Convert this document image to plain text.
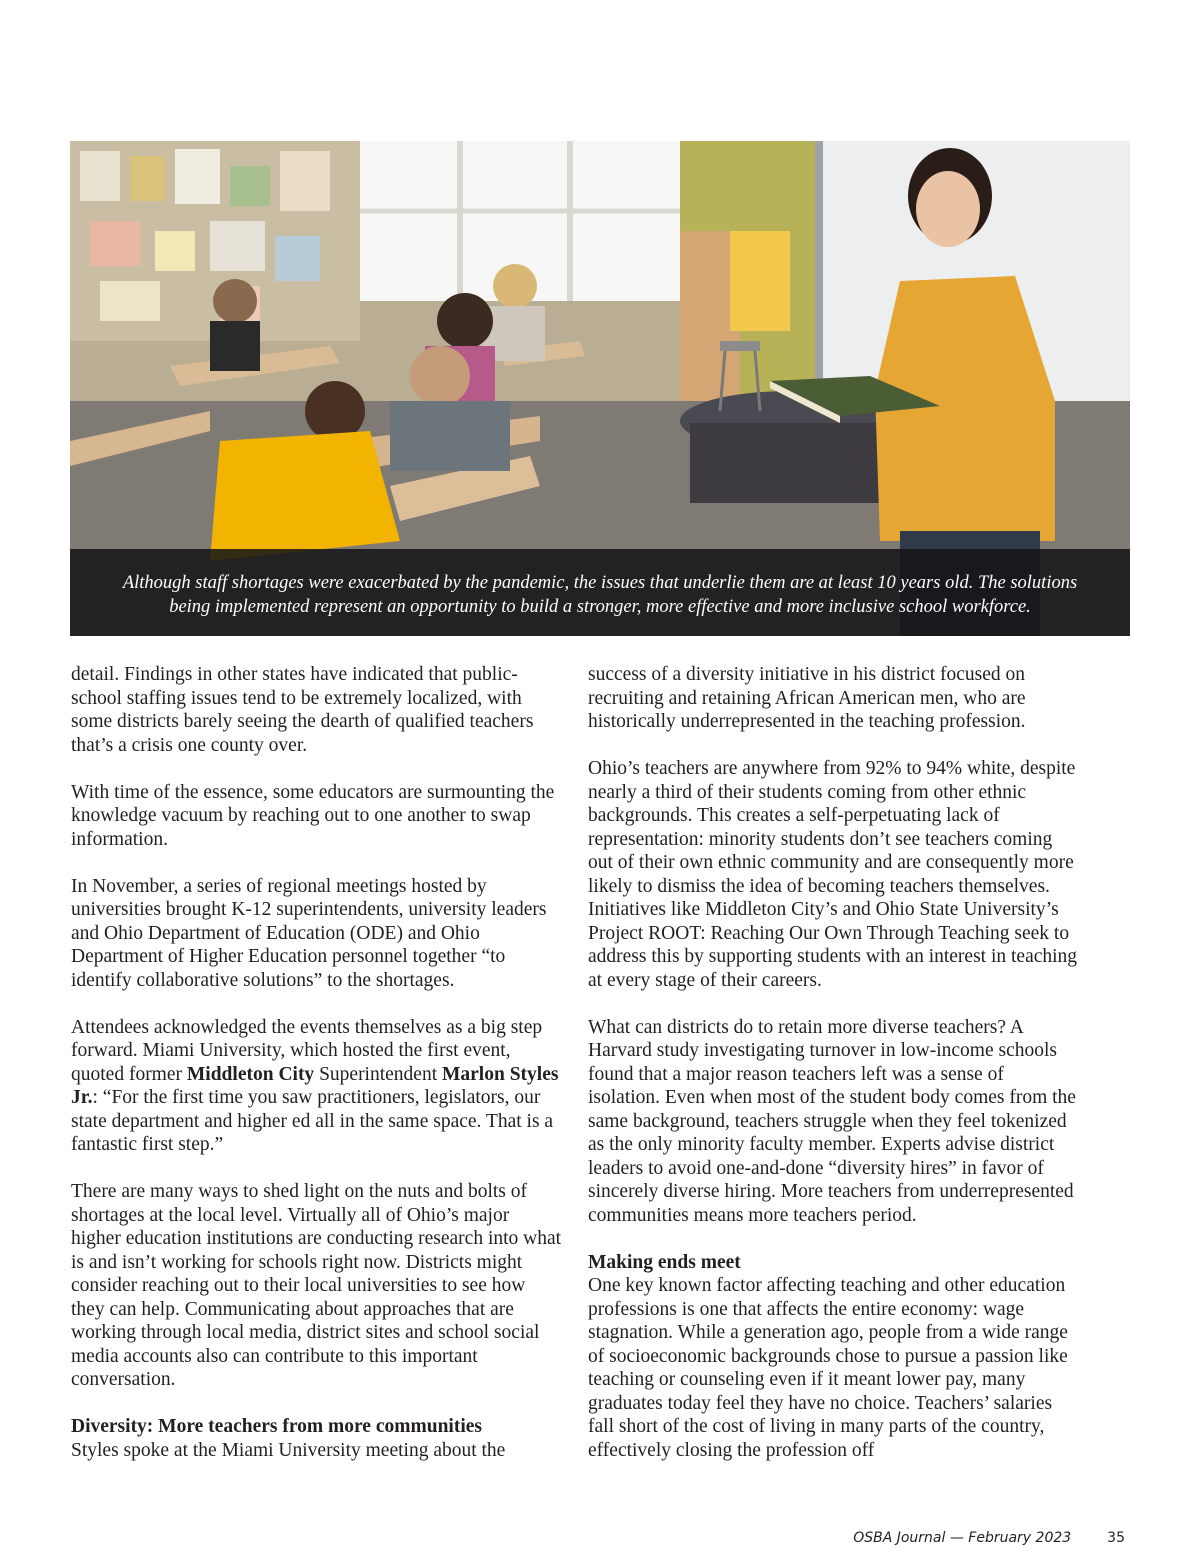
Although staff shortages were exacerbated by the pandemic, the issues that underlie them are at least 10 years old. The solutions being implemented represent an opportunity to build a stronger, more effective and more inclusive school workforce.

detail. Findings in other states have indicated that public-school staffing issues tend to be extremely localized, with some districts barely seeing the dearth of qualified teachers that’s a crisis one county over.

With time of the essence, some educators are surmounting the knowledge vacuum by reaching out to one another to swap information.

In November, a series of regional meetings hosted by universities brought K-12 superintendents, university leaders and Ohio Department of Education (ODE) and Ohio Department of Higher Education personnel together “to identify collaborative solutions” to the shortages.

Attendees acknowledged the events themselves as a big step forward. Miami University, which hosted the first event, quoted former Middleton City Superintendent Marlon Styles Jr.: “For the first time you saw practitioners, legislators, our state department and higher ed all in the same space. That is a fantastic first step.”

There are many ways to shed light on the nuts and bolts of shortages at the local level. Virtually all of Ohio’s major higher education institutions are conducting research into what is and isn’t working for schools right now. Districts might consider reaching out to their local universities to see how they can help. Communicating about approaches that are working through local media, district sites and school social media accounts also can contribute to this important conversation.

Diversity: More teachers from more communities

Styles spoke at the Miami University meeting about the

success of a diversity initiative in his district focused on recruiting and retaining African American men, who are historically underrepresented in the teaching profession.

Ohio’s teachers are anywhere from 92% to 94% white, despite nearly a third of their students coming from other ethnic backgrounds. This creates a self-perpetuating lack of representation: minority students don’t see teachers coming out of their own ethnic community and are consequently more likely to dismiss the idea of becoming teachers themselves. Initiatives like Middleton City’s and Ohio State University’s Project ROOT: Reaching Our Own Through Teaching seek to address this by supporting students with an interest in teaching at every stage of their careers.

What can districts do to retain more diverse teachers? A Harvard study investigating turnover in low-income schools found that a major reason teachers left was a sense of isolation. Even when most of the student body comes from the same background, teachers struggle when they feel tokenized as the only minority faculty member. Experts advise district leaders to avoid one-and-done “diversity hires” in favor of sincerely diverse hiring. More teachers from underrepresented communities means more teachers period.

Making ends meet

One key known factor affecting teaching and other education professions is one that affects the entire economy: wage stagnation. While a generation ago, people from a wide range of socioeconomic backgrounds chose to pursue a passion like teaching or counseling even if it meant lower pay, many graduates today feel they have no choice. Teachers’ salaries fall short of the cost of living in many parts of the country, effectively closing the profession off

OSBA Journal — February 2023	35
